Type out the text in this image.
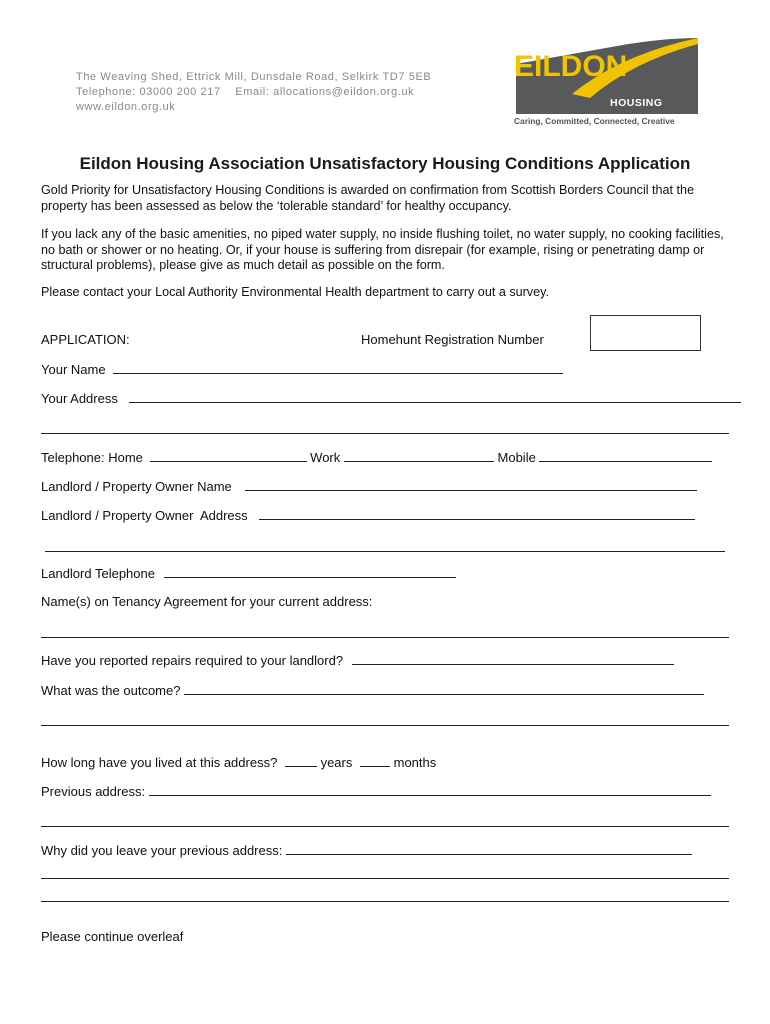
The Weaving Shed, Ettrick Mill, Dunsdale Road, Selkirk TD7 5EB
Telephone: 03000 200 217    Email: allocations@eildon.org.uk
www.eildon.org.uk
EILDON
HOUSING
Caring, Committed, Connected, Creative
Eildon Housing Association Unsatisfactory Housing Conditions Application
Gold Priority for Unsatisfactory Housing Conditions is awarded on confirmation from Scottish Borders Council that the property has been assessed as below the ‘tolerable standard’ for healthy occupancy.
If you lack any of the basic amenities, no piped water supply, no inside flushing toilet, no water supply, no cooking facilities, no bath or shower or no heating. Or, if your house is suffering from disrepair (for example, rising or penetrating damp or structural problems), please give as much detail as possible on the form.
Please contact your Local Authority Environmental Health department to carry out a survey.
APPLICATION:	Homehunt Registration Number
Your Name
Your Address
Telephone: Home	Work	Mobile
Landlord / Property Owner Name
Landlord / Property Owner  Address
Landlord Telephone
Name(s) on Tenancy Agreement for your current address:
Have you reported repairs required to your landlord?
What was the outcome?
How long have you lived at this address?	years	months
Previous address:
Why did you leave your previous address:
Please continue overleaf
